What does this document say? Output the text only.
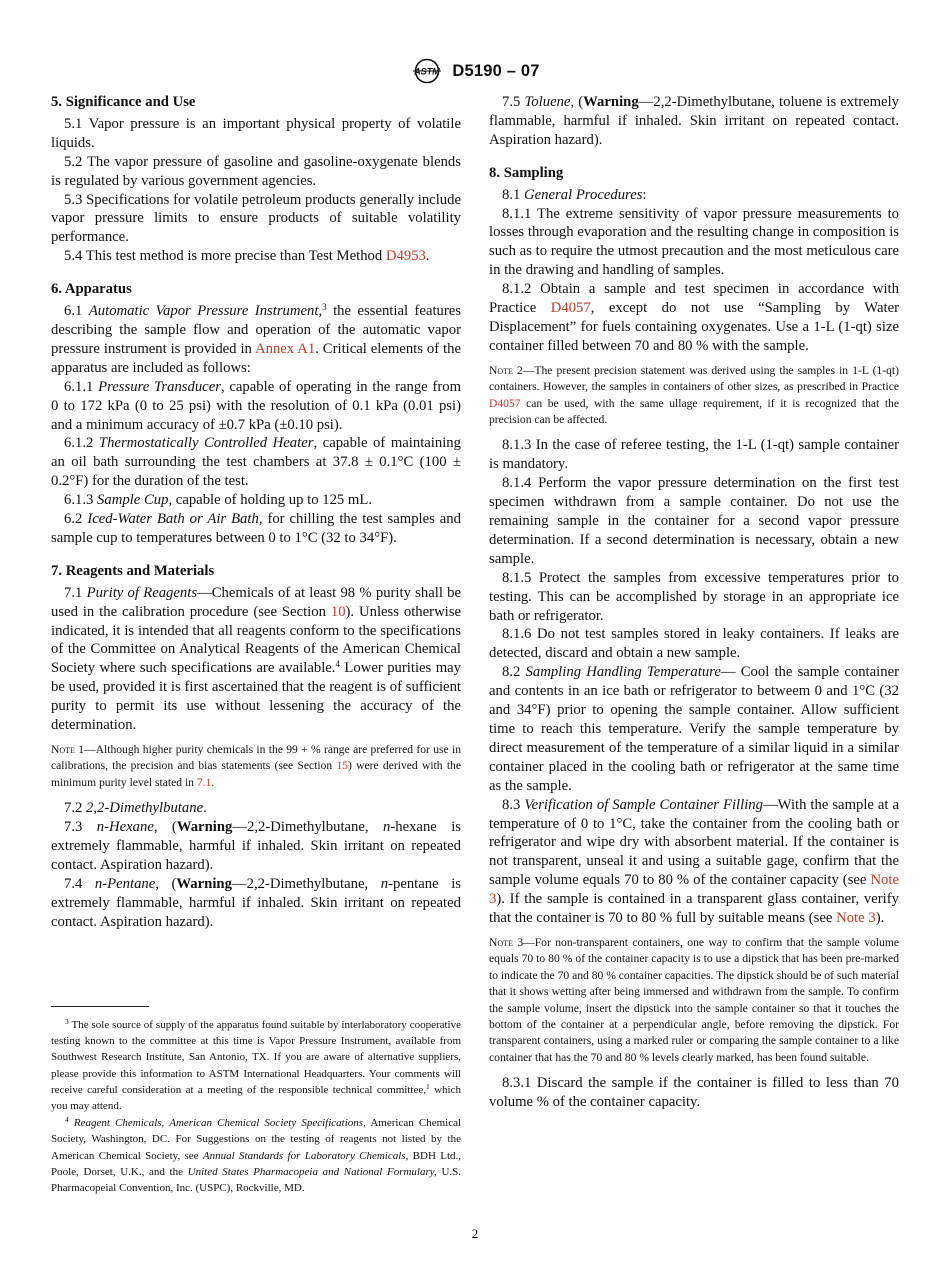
ASTM D5190 – 07

5. Significance and Use

5.1 Vapor pressure is an important physical property of volatile liquids.

5.2 The vapor pressure of gasoline and gasoline-oxygenate blends is regulated by various government agencies.

5.3 Specifications for volatile petroleum products generally include vapor pressure limits to ensure products of suitable volatility performance.

5.4 This test method is more precise than Test Method D4953.

6. Apparatus

6.1 Automatic Vapor Pressure Instrument,$^3$ the essential features describing the sample flow and operation of the automatic vapor pressure instrument is provided in Annex A1. Critical elements of the apparatus are included as follows:

6.1.1 Pressure Transducer, capable of operating in the range from 0 to 172 kPa (0 to 25 psi) with the resolution of 0.1 kPa (0.01 psi) and a minimum accuracy of ±0.7 kPa (±0.10 psi).

6.1.2 Thermostatically Controlled Heater, capable of maintaining an oil bath surrounding the test chambers at 37.8 ± 0.1°C (100 ± 0.2°F) for the duration of the test.

6.1.3 Sample Cup, capable of holding up to 125 mL.

6.2 Iced-Water Bath or Air Bath, for chilling the test samples and sample cup to temperatures between 0 to 1°C (32 to 34°F).

7. Reagents and Materials

7.1 Purity of Reagents—Chemicals of at least 98 % purity shall be used in the calibration procedure (see Section 10). Unless otherwise indicated, it is intended that all reagents conform to the specifications of the Committee on Analytical Reagents of the American Chemical Society where such specifications are available.$^4$ Lower purities may be used, provided it is first ascertained that the reagent is of sufficient purity to permit its use without lessening the accuracy of the determination.

Note 1—Although higher purity chemicals in the 99 + % range are preferred for use in calibrations, the precision and bias statements (see Section 15) were derived with the minimum purity level stated in 7.1.

7.2 2,2-Dimethylbutane.

7.3 n-Hexane, (Warning—2,2-Dimethylbutane, n-hexane is extremely flammable, harmful if inhaled. Skin irritant on repeated contact. Aspiration hazard).

7.4 n-Pentane, (Warning—2,2-Dimethylbutane, n-pentane is extremely flammable, harmful if inhaled. Skin irritant on repeated contact. Aspiration hazard).

$^3$ The sole source of supply of the apparatus found suitable by interlaboratory cooperative testing known to the committee at this time is Vapor Pressure Instrument, available from Southwest Research Institute, San Antonio, TX. If you are aware of alternative suppliers, please provide this information to ASTM International Headquarters. Your comments will receive careful consideration at a meeting of the responsible technical committee,$^1$ which you may attend.

$^4$ Reagent Chemicals, American Chemical Society Specifications, American Chemical Society, Washington, DC. For Suggestions on the testing of reagents not listed by the American Chemical Society, see Annual Standards for Laboratory Chemicals, BDH Ltd., Poole, Dorset, U.K., and the United States Pharmacopeia and National Formulary, U.S. Pharmacopeial Convention, Inc. (USPC), Rockville, MD.

7.5 Toluene, (Warning—2,2-Dimethylbutane, toluene is extremely flammable, harmful if inhaled. Skin irritant on repeated contact. Aspiration hazard).

8. Sampling

8.1 General Procedures:

8.1.1 The extreme sensitivity of vapor pressure measurements to losses through evaporation and the resulting change in composition is such as to require the utmost precaution and the most meticulous care in the drawing and handling of samples.

8.1.2 Obtain a sample and test specimen in accordance with Practice D4057, except do not use “Sampling by Water Displacement” for fuels containing oxygenates. Use a 1-L (1-qt) size container filled between 70 and 80 % with the sample.

Note 2—The present precision statement was derived using the samples in 1-L (1-qt) containers. However, the samples in containers of other sizes, as prescribed in Practice D4057 can be used, with the same ullage requirement, if it is recognized that the precision can be affected.

8.1.3 In the case of referee testing, the 1-L (1-qt) sample container is mandatory.

8.1.4 Perform the vapor pressure determination on the first test specimen withdrawn from a sample container. Do not use the remaining sample in the container for a second vapor pressure determination. If a second determination is necessary, obtain a new sample.

8.1.5 Protect the samples from excessive temperatures prior to testing. This can be accomplished by storage in an appropriate ice bath or refrigerator.

8.1.6 Do not test samples stored in leaky containers. If leaks are detected, discard and obtain a new sample.

8.2 Sampling Handling Temperature— Cool the sample container and contents in an ice bath or refrigerator to betweem 0 and 1°C (32 and 34°F) prior to opening the sample container. Allow sufficient time to reach this temperature. Verify the sample temperature by direct measurement of the temperature of a similar liquid in a similar container placed in the cooling bath or refrigerator at the same time as the sample.

8.3 Verification of Sample Container Filling—With the sample at a temperature of 0 to 1°C, take the container from the cooling bath or refrigerator and wipe dry with absorbent material. If the container is not transparent, unseal it and using a suitable gage, confirm that the sample volume equals 70 to 80 % of the container capacity (see Note 3). If the sample is contained in a transparent glass container, verify that the container is 70 to 80 % full by suitable means (see Note 3).

Note 3—For non-transparent containers, one way to confirm that the sample volume equals 70 to 80 % of the container capacity is to use a dipstick that has been pre-marked to indicate the 70 and 80 % container capacities. The dipstick should be of such material that it shows wetting after being immersed and withdrawn from the sample. To confirm the sample volume, insert the dipstick into the sample container so that it touches the bottom of the container at a perpendicular angle, before removing the dipstick. For transparent containers, using a marked ruler or comparing the sample container to a like container that has the 70 and 80 % levels clearly marked, has been found suitable.

8.3.1 Discard the sample if the container is filled to less than 70 volume % of the container capacity.

2
